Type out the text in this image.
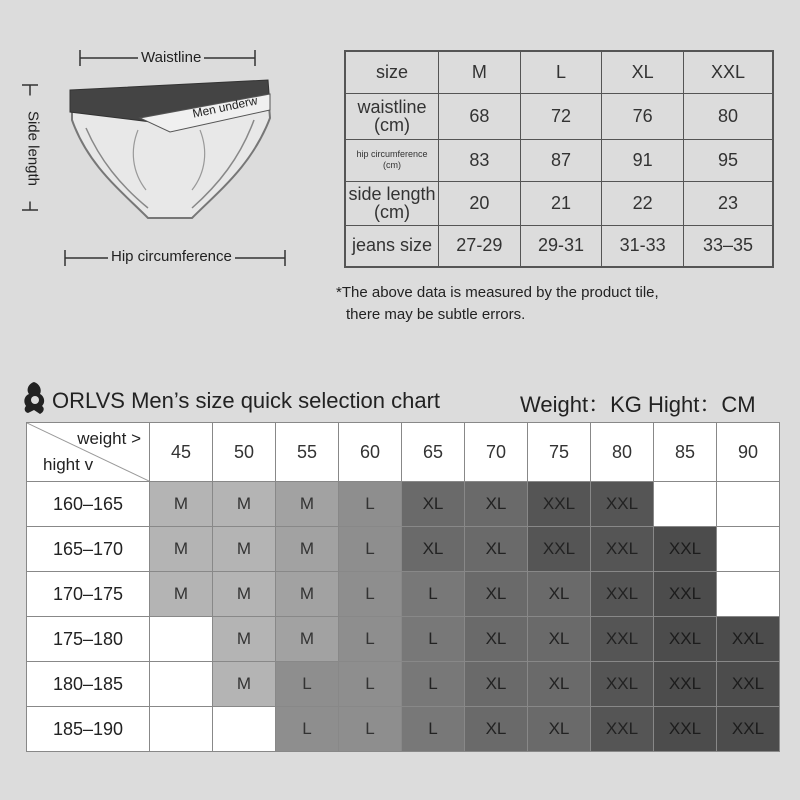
Waistline
Side length
Hip circumference
Men underw
size	M	L	XL	XXL
waistline
(cm)	68	72	76	80
hip circumference
(cm)	83	87	91	95
side length
(cm)	20	21	22	23
jeans size	27-29	29-31	31-33	33–35
*The above data is measured by the product tile,
there may be subtle errors.
ORLVS Men’s size quick selection chart	Weight：KG Hight：CM
weight >
hight v	45	50	55	60	65	70	75	80	85	90
160–165	M	M	M	L	XL	XL	XXL	XXL		
165–170	M	M	M	L	XL	XL	XXL	XXL	XXL	
170–175	M	M	M	L	L	XL	XL	XXL	XXL	
175–180		M	M	L	L	XL	XL	XXL	XXL	XXL
180–185		M	L	L	L	XL	XL	XXL	XXL	XXL
185–190			L	L	L	XL	XL	XXL	XXL	XXL
